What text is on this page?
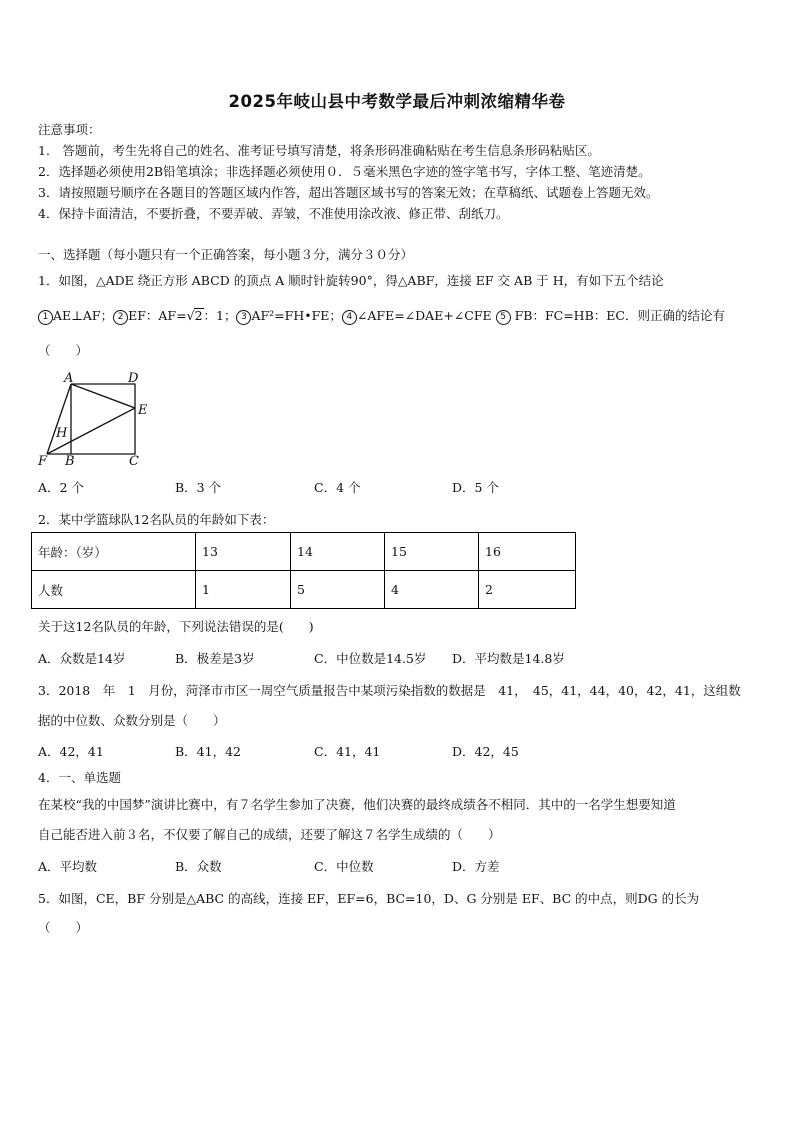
2025年岐山县中考数学最后冲刺浓缩精华卷
注意事项：
1.　答题前，考生先将自己的姓名、准考证号填写清楚，将条形码准确粘贴在考生信息条形码粘贴区。
2．选择题必须使用2B铅笔填涂；非选择题必须使用０．５毫米黑色字迹的签字笔书写，字体工整、笔迹清楚。
3．请按照题号顺序在各题目的答题区域内作答，超出答题区域书写的答案无效；在草稿纸、试题卷上答题无效。
4．保持卡面清洁，不要折叠，不要弄破、弄皱，不准使用涂改液、修正带、刮纸刀。
一、选择题（每小题只有一个正确答案，每小题３分，满分３０分）
1．如图，△ADE 绕正方形 ABCD 的顶点 A 顺时针旋转90°，得△ABF，连接 EF 交 AB 于 H，有如下五个结论
1 AE⊥AF； 2 EF：AF=√2：1； 3 AF²=FH•FE； 4 ∠AFE=∠DAE+∠CFE 5 FB：FC=HB：EC．则正确的结论有
（　　）
A	D
E
H
F B	C
A．2 个	B．3 个	C．4 个	D．5 个
2．某中学篮球队12名队员的年龄如下表：
年龄：（岁）	13	14	15	16
人数	1	5	4	2
关于这12名队员的年龄，下列说法错误的是(　　)
A．众数是14岁	B．极差是3岁	C．中位数是14.5岁 D．平均数是14.8岁
3．2018　年　1　月份，菏泽市市区一周空气质量报告中某项污染指数的数据是　41，　45，41，44，40，42，41，这组数
据的中位数、众数分别是（　　）
A．42，41	B．41，42	C．41，41	D．42，45
4．一、单选题
在某校“我的中国梦”演讲比赛中，有７名学生参加了决赛，他们决赛的最终成绩各不相同．其中的一名学生想要知道
自己能否进入前３名，不仅要了解自己的成绩，还要了解这７名学生成绩的（　　）
A．平均数	B．众数	C．中位数	D．方差
5．如图，CE，BF 分别是△ABC 的高线，连接 EF，EF=6，BC=10，D、G 分别是 EF、BC 的中点，则DG 的长为
（　　）
